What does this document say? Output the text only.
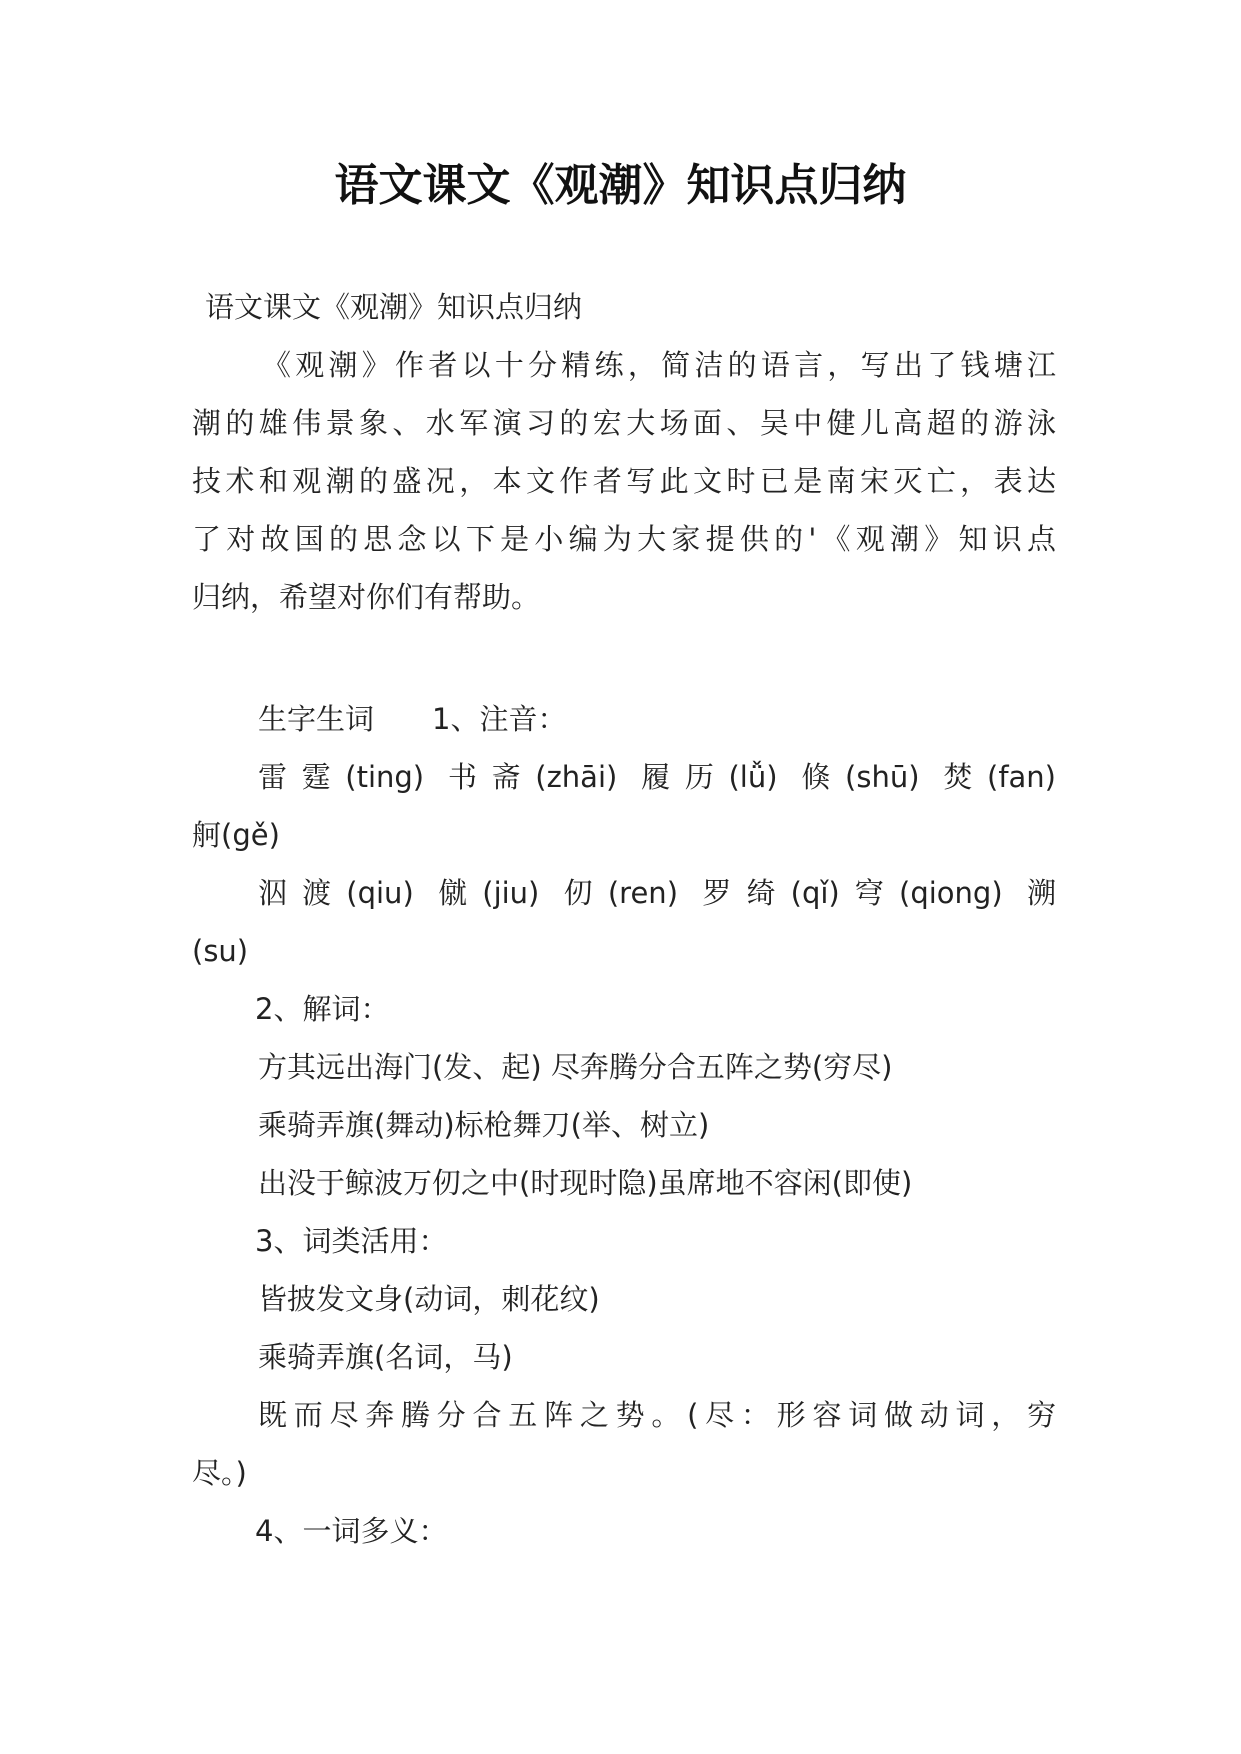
语文课文《观潮》知识点归纳
语文课文《观潮》知识点归纳
《观潮》作者以十分精练，简洁的语言，写出了钱塘江
潮的雄伟景象、水军演习的宏大场面、吴中健儿高超的游泳
技术和观潮的盛况，本文作者写此文时已是南宋灭亡，表达
了对故国的思念以下是小编为大家提供的'《观潮》知识点
归纳，希望对你们有帮助。
生字生词　　1、注音：
雷霆(ting) 书斋(zhāi) 履历(lǚ) 倏(shū) 焚(fan)
舸(gě)
泅渡(qiu) 僦(jiu) 仞(ren) 罗绮(qǐ)穹(qiong) 溯
(su)
2、解词：
方其远出海门(发、起) 尽奔腾分合五阵之势(穷尽)
乘骑弄旗(舞动)标枪舞刀(举、树立)
出没于鲸波万仞之中(时现时隐)虽席地不容闲(即使)
3、词类活用：
皆披发文身(动词，刺花纹)
乘骑弄旗(名词，马)
既而尽奔腾分合五阵之势。(尽：形容词做动词，穷
尽。)
4、一词多义：
